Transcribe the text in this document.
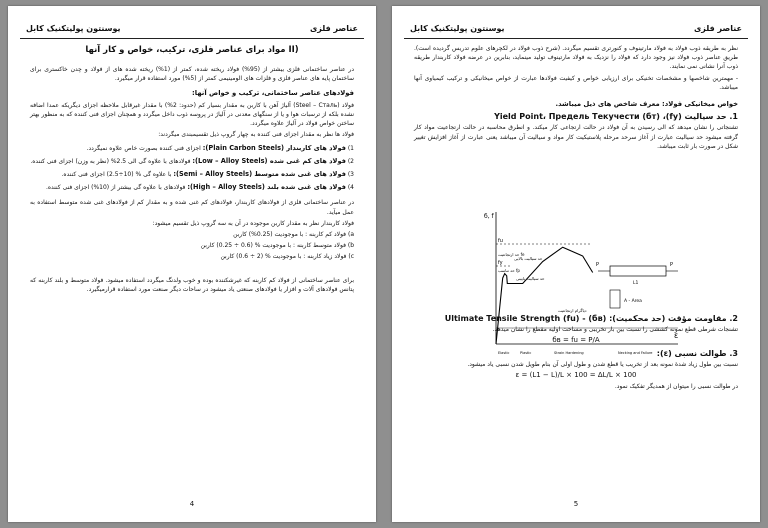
عناصر فلزی
یوسنتون پولیتکنیک کابل
(II مواد برای عناصر فلزی، ترکیب، خواص و کار آنها

در عناصر ساختمانی فلزی بیشتر از (95%) فولاد ریخته شده، کمتر از (1%) ریخته شده های از فولاد و چدن خاکستری برای ساختمان پایه های عناصر فلزی و فلزات های الومینیمی کمتر از (5%) مورد استفاده قرار میگیرد.

فولادهای عناصر ساختمانی، ترکیب و خواص آنها:

فولاد (Steel – Сталь) آلیاژ آهن با کاربن به مقدار بسیار کم (حدود: 2%) با مقدار غیرقابل ملاحظه اجزای دیگریکه عمدا اضافه نشده بلکه از ترسبات هوا و یا از سنگهای معدنی در آلیاژ در پروسه ذوب داخل میگردد و همچنان اجزای فنی کننده که به منظور بهتر ساختن خواص فولاد در آلیاژ علاوه میگردد.

فولاد ها نظر به مقدار اجزای فنی کننده به چهار گروپ ذیل تقسیمبندی میگردند:

1) فولاد های کاربندار (Plain Carbon Steels): اجزای فنی کننده بصورت خاص علاوه نمیگردد.
2) فولاد های کم غنی شده (Low – Alloy Steels): فولادهای با علاوه گی الی 2.5% (نظر به وزن) اجزای فنی کننده.
3) فولاد های غنی شده متوسط (Semi – Alloy Steels): با علاوه گی % (10÷2.5) اجزای فنی کننده.
4) فولاد های غنی شده بلند (High – Alloy Steels): فولادهای با علاوه گی بیشتر از (10%) اجزای فنی کننده.

در عناصر ساختمانی فلزی از فولادهای کاربندار، فولادهای کم غنی شده و به مقدار کم از فولادهای غنی شده متوسط استفاده به عمل میآید.

فولاد کاربندار نظر به مقدار کاربن موجوده در آن به سه گروپ ذیل تقسیم میشود:

a) فولاد کم کاربنه : با موجودیت (0.25%) کاربن

b) فولاد متوسط کاربنه : با موجودیت % (0.6 ÷ 0.25) کاربن

c) فولاد زیاد کاربنه : با موجودیت % (2 ÷ 0.6) کاربن

برای عناصر ساختمانی از فولاد کم کاربنه که غیرشکننده بوده و خوب ولدنگ میگردد استفاده میشود. فولاد متوسط و بلند کاربنه که پتانس فولادهای آلات و افزار یا فولادهای صنعتی یاد میشود در ساحات دیگر صنعت مورد استفاده قرارمیگیرد.

4
عناصر فلزی
یوسنتون پولیتکنیک کابل

نظر به طریقه ذوب فولاد به فولاد مارتینوف و کنورتری تقسیم میگردد. (شرح ذوب فولاد در لکچرهای علوم تدریس گردیده است). طریق عناصر ذوب فولاد نیز وجود دارد که فولاد را نزدیک به فولاد مارتینوف تولید مینماید، بنابرین در عرضه فولاد کاربندار طریقه ذوب آنرا نشانی نمی نمایند.

- مهمترین شاخصها و مشخصات تخنیکی برای ارزیابی خواص و کیفیت فولادها عبارت از خواص میخانیکی و ترکیب کیمیاوی آنها میباشد.

خواص میخانیکی فولاد: معرف شاخص های ذیل میباشد.
1. حد سیالیت (fy)، Yield Point، Предель Текучести (бт)

تشنجاتی را نشان میدهد که الی رسیدن به آن فولاد در حالت ارتجاعی کار میکند. و انطرق محاسبه در حالت ارتجاعیت مواد کار گرفته میشود حد سیالیت عبارت از آغاز سرحد مرحله پلاستیکیت کار مواد و سیالیت آن میباشد یعنی عبارت از آغاز افزایش تغییر شکل در صورت بار ثابت میباشد.

2. مقاومت مؤقت (حد محکمیت): Ultimate Tensile Strength (fu) - (бв)

تشنجات شرطی قطع نمونه کششی را نسبت بین بار تخریبی و مساحت اولیه مقطع را نشان میدهد.

бв = fu = P/A
3. طوالت نسبی (ε):

نسبت بین طول زیاد شدة نمونه بعد از تخریب یا قطع شدن و طول اولی آن بنام طویل شدن نسبی یاد میشود.

ε = (L1 − L)/L × 100 = ΔL/L × 100

در طوالت نسبی را میتوان از همدیگر تفکیک نمود.

б, f
ε
fu
fy
حد ارتجاعیت fe
حد تناسب fp
حد سیالیت بالایی
حد سیالیت پایینی
دیاگرام ارتجاعیت
Elastic	Plastic	Strain Hardening	Necking and Failure
P	P
L1
A - Area
5
